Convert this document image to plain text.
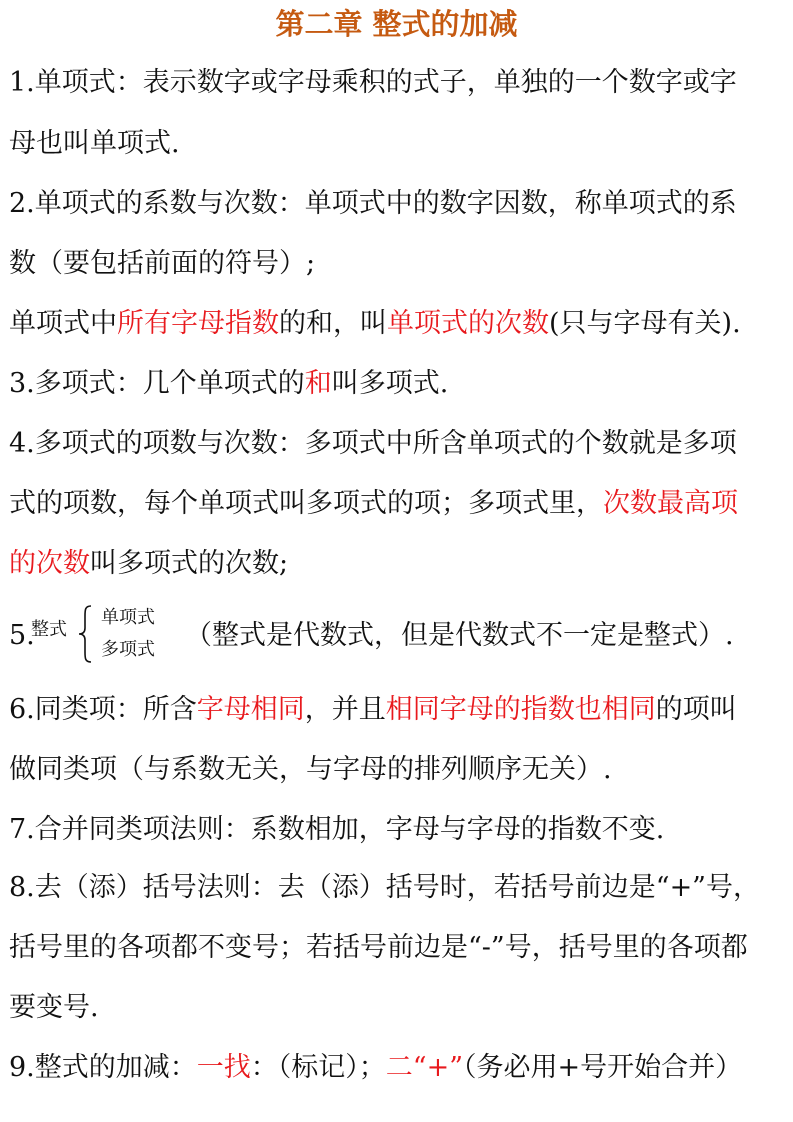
第二章 整式的加减
1.单项式：表示数字或字母乘积的式子，单独的一个数字或字
母也叫单项式.
2.单项式的系数与次数：单项式中的数字因数，称单项式的系
数（要包括前面的符号）;
单项式中所有字母指数的和，叫单项式的次数(只与字母有关).
3.多项式：几个单项式的和叫多项式.
4.多项式的项数与次数：多项式中所含单项式的个数就是多项
式的项数，每个单项式叫多项式的项；多项式里，次数最高项
的次数叫多项式的次数;
5.
整式
单项式
多项式 （整式是代数式，但是代数式不一定是整式）.
6.同类项：所含字母相同，并且相同字母的指数也相同的项叫
做同类项（与系数无关，与字母的排列顺序无关）.
7.合并同类项法则：系数相加，字母与字母的指数不变.
8.去（添）括号法则：去（添）括号时，若括号前边是“+”号，
括号里的各项都不变号；若括号前边是“-”号，括号里的各项都
要变号.
9.整式的加减：一找：（标记）；二“+”（务必用+号开始合并）
